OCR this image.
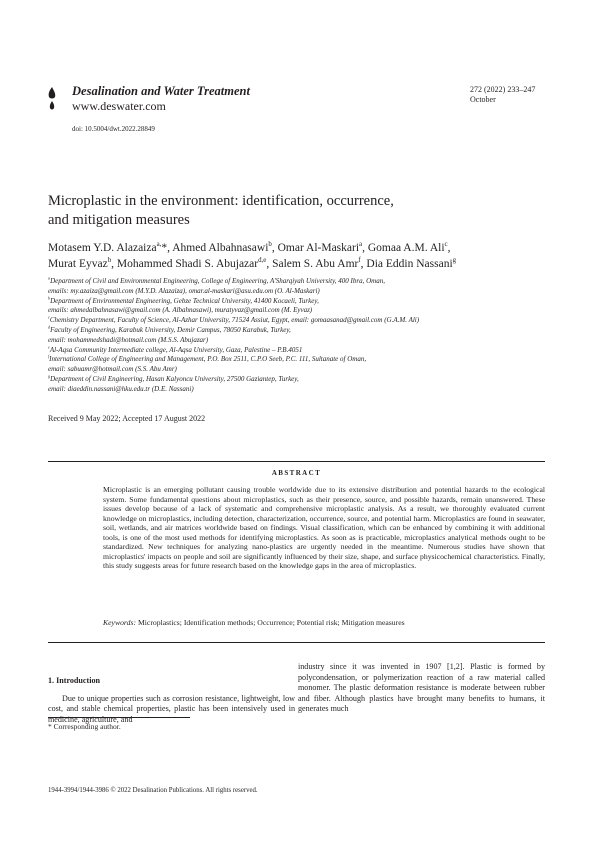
Desalination and Water Treatment
www.deswater.com
doi: 10.5004/dwt.2022.28849
272 (2022) 233–247
October
Microplastic in the environment: identification, occurrence,
and mitigation measures
Motasem Y.D. Alazaiza$^{a,}$*, Ahmed Albahnasawi$^b$, Omar Al-Maskari$^a$, Gomaa A.M. Ali$^c$,
Murat Eyvaz$^b$, Mohammed Shadi S. Abujazar$^{d,e}$, Salem S. Abu Amr$^f$, Dia Eddin Nassani$^g$
$^a$Department of Civil and Environmental Engineering, College of Engineering, A'Sharqiyah University, 400 Ibra, Oman,
emails: my.azaiza@gmail.com (M.Y.D. Alazaiza), omar.al-maskari@asu.edu.om (O. Al-Maskari)
$^b$Department of Environmental Engineering, Gebze Technical University, 41400 Kocaeli, Turkey,
emails: ahmedalbahnasawi@gmail.com (A. Albahnasawi), muratyvaz@gmail.com (M. Eyvaz)
$^c$Chemistry Department, Faculty of Science, Al-Azhar University, 71524 Assiut, Egypt, email: gomaasanad@gmail.com (G.A.M. Ali)
$^d$Faculty of Engineering, Karabuk University, Demir Campus, 78050 Karabuk, Turkey,
email: mohammedshadi@hotmail.com (M.S.S. Abujazar)
$^e$Al-Aqsa Community Intermediate college, Al-Aqsa University, Gaza, Palestine – P.B.4051
$^f$International College of Engineering and Management, P.O. Box 2511, C.P.O Seeb, P.C. 111, Sultanate of Oman,
email: sabuamr@hotmail.com (S.S. Abu Amr)
$^g$Department of Civil Engineering, Hasan Kalyoncu University, 27500 Gaziantep, Turkey,
email: diaeddin.nassani@hku.edu.tr (D.E. Nassani)
Received 9 May 2022; Accepted 17 August 2022
ABSTRACT
Microplastic is an emerging pollutant causing trouble worldwide due to its extensive distribution and potential hazards to the ecological system. Some fundamental questions about microplastics, such as their presence, source, and possible hazards, remain unanswered. These issues develop because of a lack of systematic and comprehensive microplastic analysis. As a result, we thoroughly evaluated current knowledge on microplastics, including detection, characterization, occurrence, source, and potential harm. Microplastics are found in seawater, soil, wetlands, and air matrices worldwide based on findings. Visual classification, which can be enhanced by combining it with additional tools, is one of the most used methods for identifying microplastics. As soon as is practicable, microplastics analytical methods ought to be standardized. New techniques for analyzing nano-plastics are urgently needed in the meantime. Numerous studies have shown that microplastics' impacts on people and soil are significantly influenced by their size, shape, and surface physicochemical characteristics. Finally, this study suggests areas for future research based on the knowledge gaps in the area of microplastics.
Keywords: Microplastics; Identification methods; Occurrence; Potential risk; Mitigation measures
1. Introduction
Due to unique properties such as corrosion resistance, lightweight, low cost, and stable chemical properties, plastic has been intensively used in medicine, agriculture, and
industry since it was invented in 1907 [1,2]. Plastic is formed by polycondensation, or polymerization reaction of a raw material called monomer. The plastic deformation resistance is moderate between rubber and fiber. Although plastics have brought many benefits to humans, it generates much
* Corresponding author.
1944-3994/1944-3986 © 2022 Desalination Publications. All rights reserved.
